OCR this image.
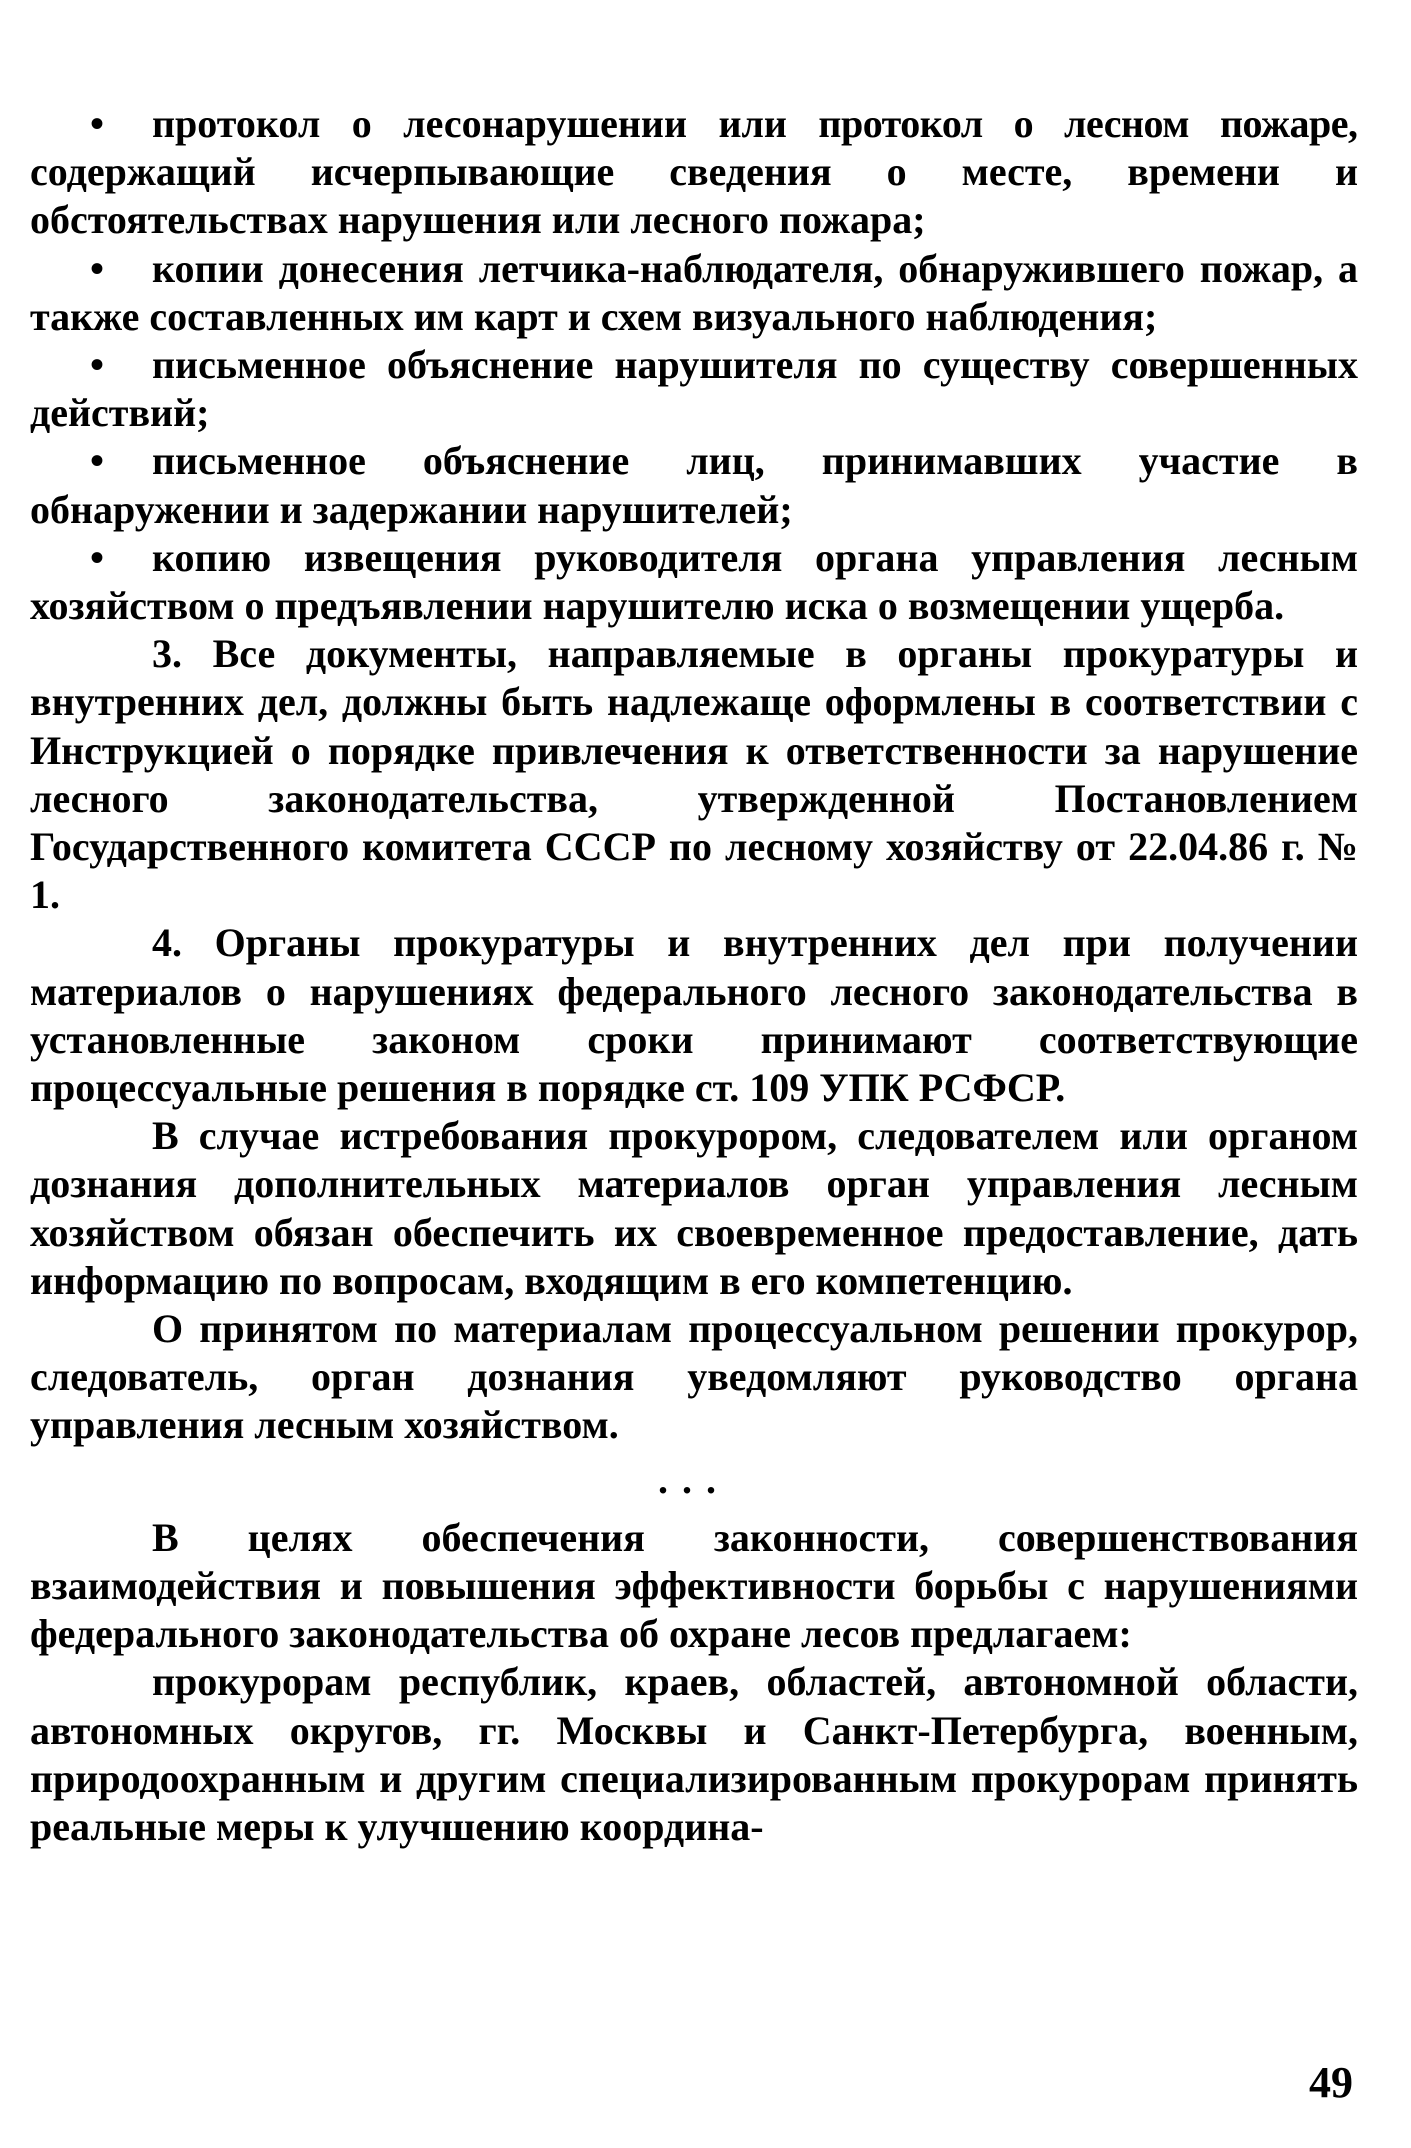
• протокол о лесонарушении или протокол о лесном пожаре, содержащий исчерпывающие сведения о месте, времени и обстоятельствах нарушения или лесного пожара;

• копии донесения летчика-наблюдателя, обнаружившего пожар, а также составленных им карт и схем визуального наблюдения;

• письменное объяснение нарушителя по существу совершенных действий;

• письменное объяснение лиц, принимавших участие в обнаружении и задержании нарушителей;

• копию извещения руководителя органа управления лесным хозяйством о предъявлении нарушителю иска о возмещении ущерба.

3. Все документы, направляемые в органы прокуратуры и внутренних дел, должны быть надлежаще оформлены в соответствии с Инструкцией о порядке привлечения к ответственности за нарушение лесного законодательства, утвержденной Постановлением Государственного комитета СССР по лесному хозяйству от 22.04.86 г. № 1.

4. Органы прокуратуры и внутренних дел при получении материалов о нарушениях федерального лесного законодательства в установленные законом сроки принимают соответствующие процессуальные решения в порядке ст. 109 УПК РСФСР.

В случае истребования прокурором, следователем или органом дознания дополнительных материалов орган управления лесным хозяйством обязан обеспечить их своевременное предоставление, дать информацию по вопросам, входящим в его компетенцию.

О принятом по материалам процессуальном решении прокурор, следователь, орган дознания уведомляют руководство органа управления лесным хозяйством.

...

В целях обеспечения законности, совершенствования взаимодействия и повышения эффективности борьбы с нарушениями федерального законодательства об охране лесов предлагаем:

прокурорам республик, краев, областей, автономной области, автономных округов, гг. Москвы и Санкт-Петербурга, военным, природоохранным и другим специализированным прокурорам принять реальные меры к улучшению координа-

49
